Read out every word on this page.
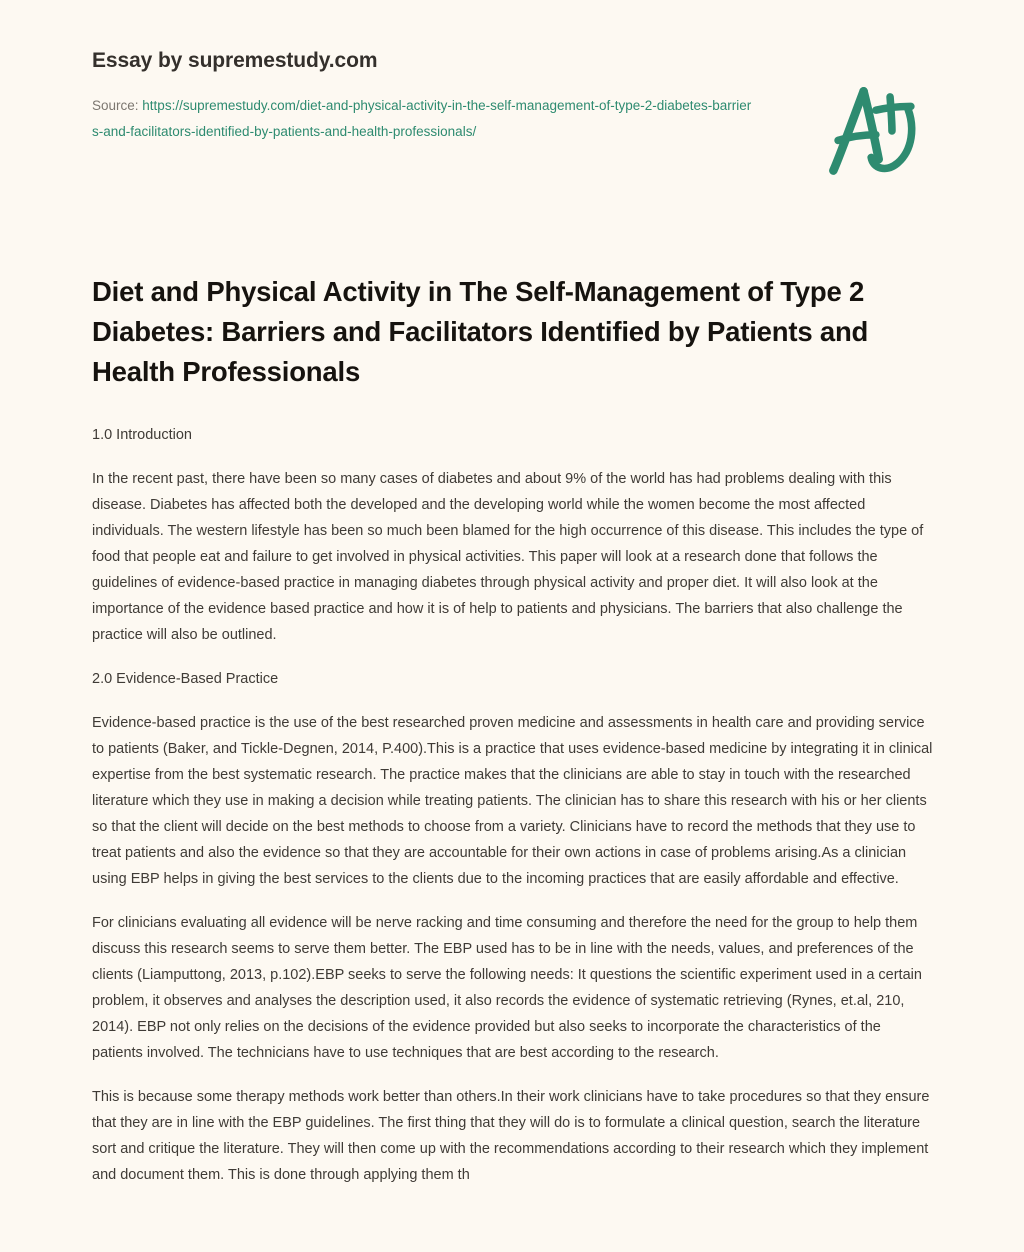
Essay by supremestudy.com
Source: https://supremestudy.com/diet-and-physical-activity-in-the-self-management-of-type-2-diabetes-barriers-and-facilitators-identified-by-patients-and-health-professionals/
Diet and Physical Activity in The Self-Management of Type 2 Diabetes: Barriers and Facilitators Identified by Patients and Health Professionals

1.0 Introduction

In the recent past, there have been so many cases of diabetes and about 9% of the world has had problems dealing with this disease. Diabetes has affected both the developed and the developing world while the women become the most affected individuals. The western lifestyle has been so much been blamed for the high occurrence of this disease. This includes the type of food that people eat and failure to get involved in physical activities. This paper will look at a research done that follows the guidelines of evidence-based practice in managing diabetes through physical activity and proper diet. It will also look at the importance of the evidence based practice and how it is of help to patients and physicians. The barriers that also challenge the practice will also be outlined.

2.0 Evidence-Based Practice

Evidence-based practice is the use of the best researched proven medicine and assessments in health care and providing service to patients (Baker, and Tickle-Degnen, 2014, P.400).This is a practice that uses evidence-based medicine by integrating it in clinical expertise from the best systematic research. The practice makes that the clinicians are able to stay in touch with the researched literature which they use in making a decision while treating patients. The clinician has to share this research with his or her clients so that the client will decide on the best methods to choose from a variety. Clinicians have to record the methods that they use to treat patients and also the evidence so that they are accountable for their own actions in case of problems arising.As a clinician using EBP helps in giving the best services to the clients due to the incoming practices that are easily affordable and effective.

For clinicians evaluating all evidence will be nerve racking and time consuming and therefore the need for the group to help them discuss this research seems to serve them better. The EBP used has to be in line with the needs, values, and preferences of the clients (Liamputtong, 2013, p.102).EBP seeks to serve the following needs: It questions the scientific experiment used in a certain problem, it observes and analyses the description used, it also records the evidence of systematic retrieving (Rynes, et.al, 210, 2014). EBP not only relies on the decisions of the evidence provided but also seeks to incorporate the characteristics of the patients involved. The technicians have to use techniques that are best according to the research.

This is because some therapy methods work better than others.In their work clinicians have to take procedures so that they ensure that they are in line with the EBP guidelines. The first thing that they will do is to formulate a clinical question, search the literature sort and critique the literature. They will then come up with the recommendations according to their research which they implement and document them. This is done through applying them th
